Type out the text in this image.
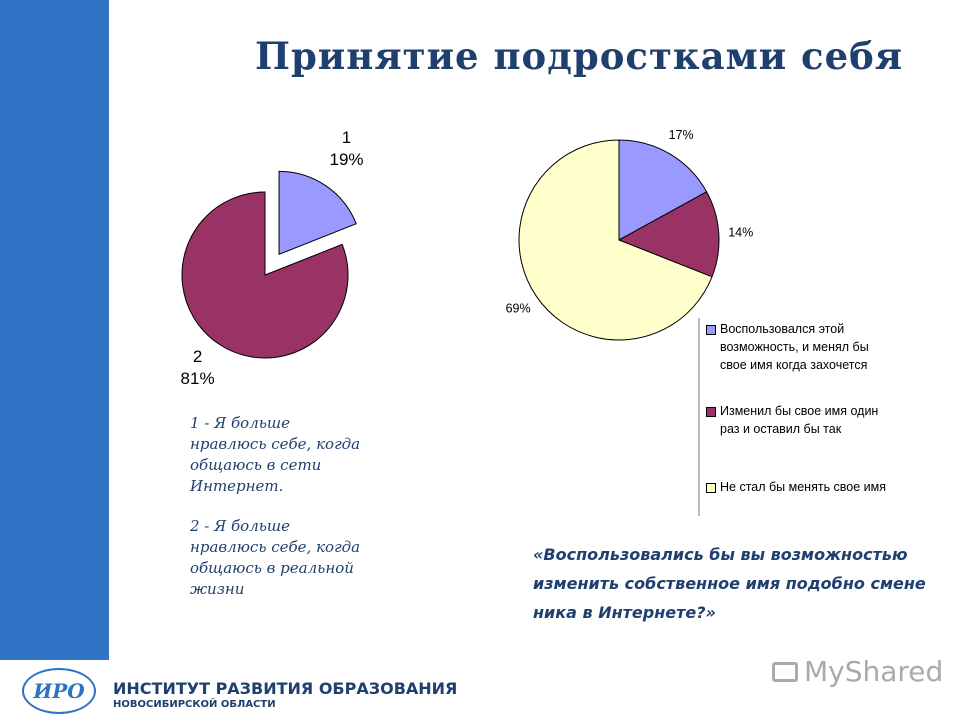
Принятие подростками себя
1
19%
2
81%
17%
14%
69%
1 - Я больше нравлюсь себе, когда общаюсь в сети Интернет.
2 - Я больше нравлюсь себе, когда общаюсь в реальной жизни
Воспользовался этой возможность, и менял бы свое имя когда захочется
Изменил бы свое имя один раз и оставил бы так
Не стал бы менять свое имя
«Воспользовались бы вы возможностью изменить собственное имя подобно смене ника в Интернете?»
ИРО	ИНСТИТУТ РАЗВИТИЯ ОБРАЗОВАНИЯ
НОВОСИБИРСКОЙ ОБЛАСТИ
MyShared
